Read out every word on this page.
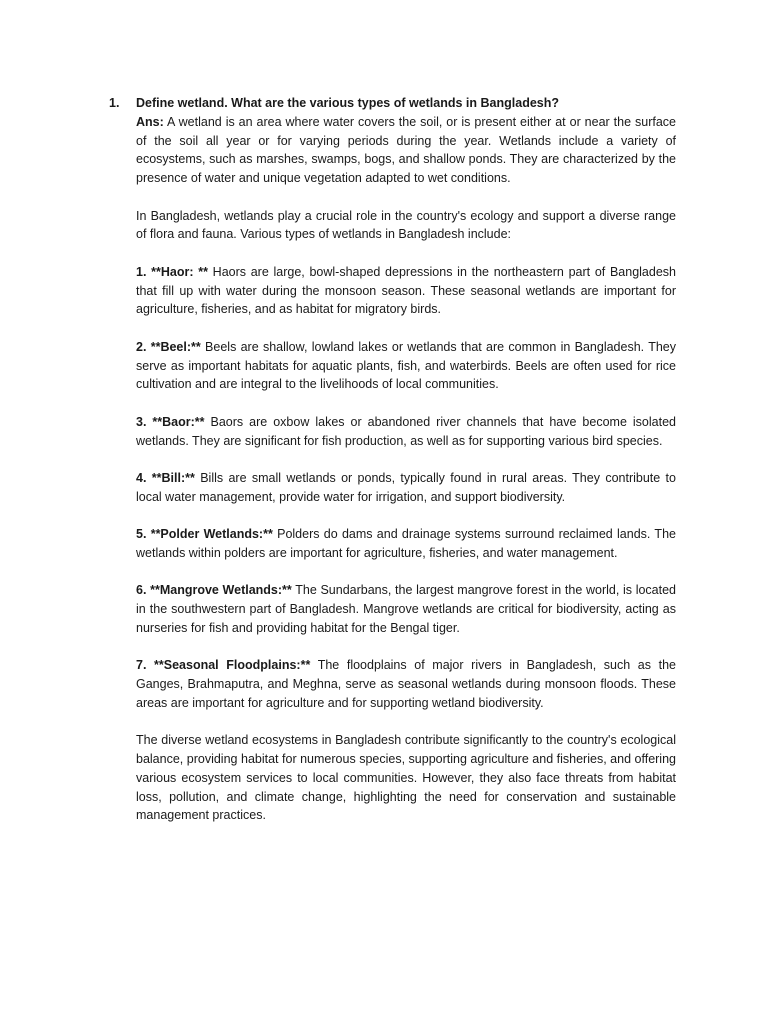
1. Define wetland. What are the various types of wetlands in Bangladesh?

Ans: A wetland is an area where water covers the soil, or is present either at or near the surface of the soil all year or for varying periods during the year. Wetlands include a variety of ecosystems, such as marshes, swamps, bogs, and shallow ponds. They are characterized by the presence of water and unique vegetation adapted to wet conditions.

In Bangladesh, wetlands play a crucial role in the country's ecology and support a diverse range of flora and fauna. Various types of wetlands in Bangladesh include:

1. **Haor: ** Haors are large, bowl-shaped depressions in the northeastern part of Bangladesh that fill up with water during the monsoon season. These seasonal wetlands are important for agriculture, fisheries, and as habitat for migratory birds.

2. **Beel:** Beels are shallow, lowland lakes or wetlands that are common in Bangladesh. They serve as important habitats for aquatic plants, fish, and waterbirds. Beels are often used for rice cultivation and are integral to the livelihoods of local communities.

3. **Baor:** Baors are oxbow lakes or abandoned river channels that have become isolated wetlands. They are significant for fish production, as well as for supporting various bird species.

4. **Bill:** Bills are small wetlands or ponds, typically found in rural areas. They contribute to local water management, provide water for irrigation, and support biodiversity.

5. **Polder Wetlands:** Polders do dams and drainage systems surround reclaimed lands. The wetlands within polders are important for agriculture, fisheries, and water management.

6. **Mangrove Wetlands:** The Sundarbans, the largest mangrove forest in the world, is located in the southwestern part of Bangladesh. Mangrove wetlands are critical for biodiversity, acting as nurseries for fish and providing habitat for the Bengal tiger.

7. **Seasonal Floodplains:** The floodplains of major rivers in Bangladesh, such as the Ganges, Brahmaputra, and Meghna, serve as seasonal wetlands during monsoon floods. These areas are important for agriculture and for supporting wetland biodiversity.

The diverse wetland ecosystems in Bangladesh contribute significantly to the country's ecological balance, providing habitat for numerous species, supporting agriculture and fisheries, and offering various ecosystem services to local communities. However, they also face threats from habitat loss, pollution, and climate change, highlighting the need for conservation and sustainable management practices.
